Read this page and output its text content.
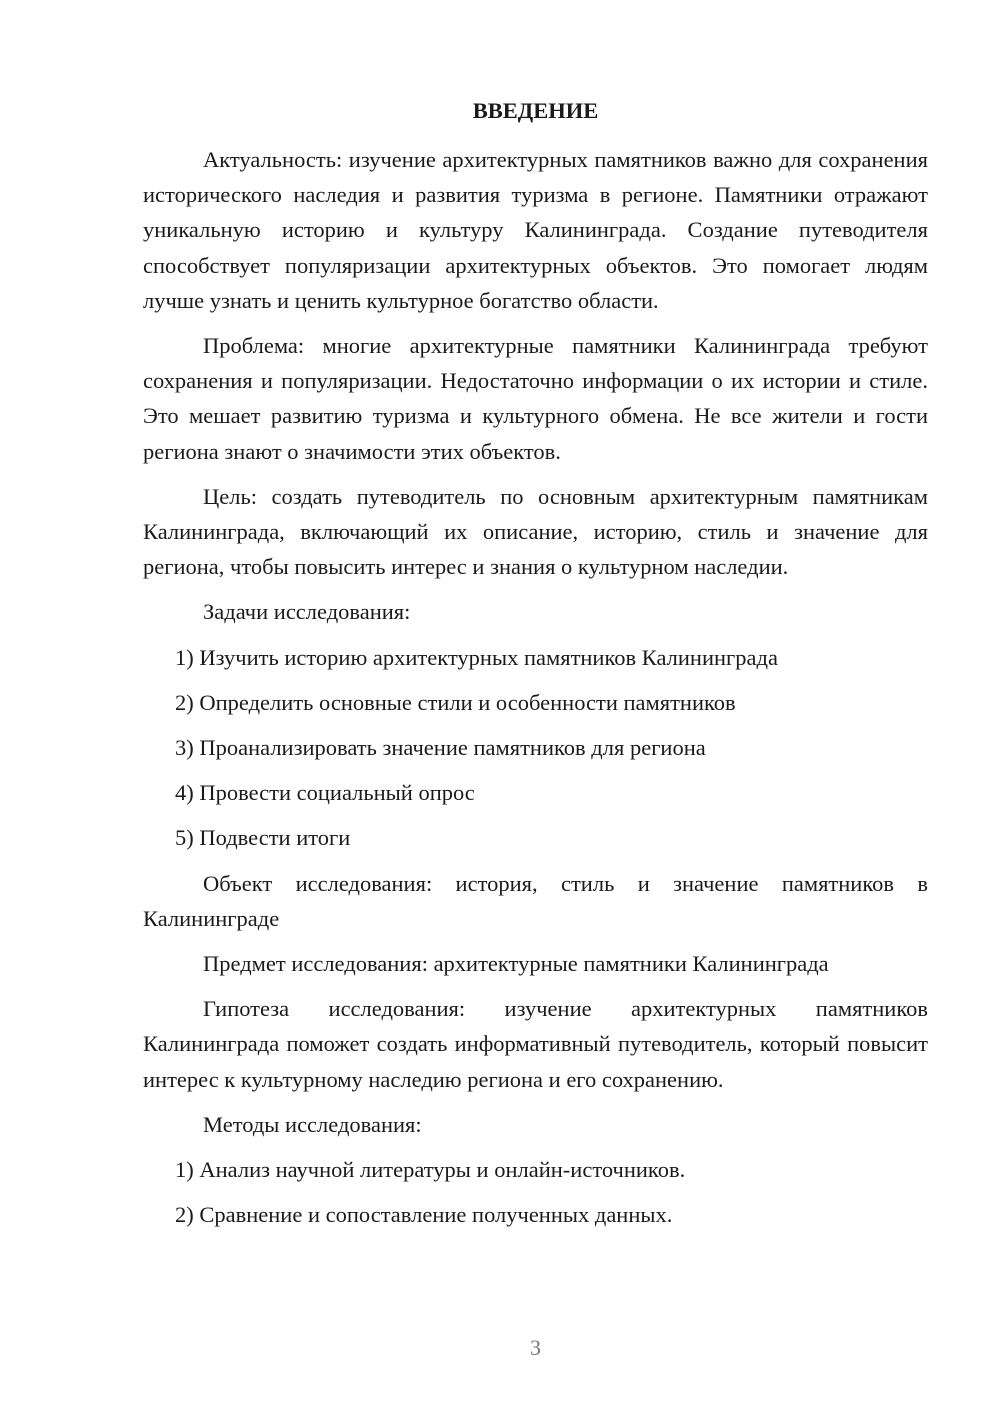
ВВЕДЕНИЕ

Актуальность: изучение архитектурных памятников важно для сохранения исторического наследия и развития туризма в регионе. Памятники отражают уникальную историю и культуру Калининграда. Создание путеводителя способствует популяризации архитектурных объектов. Это помогает людям лучше узнать и ценить культурное богатство области.

Проблема: многие архитектурные памятники Калининграда требуют сохранения и популяризации. Недостаточно информации о их истории и стиле. Это мешает развитию туризма и культурного обмена. Не все жители и гости региона знают о значимости этих объектов.

Цель: создать путеводитель по основным архитектурным памятникам Калининграда, включающий их описание, историю, стиль и значение для региона, чтобы повысить интерес и знания о культурном наследии.

Задачи исследования:

1) Изучить историю архитектурных памятников Калининграда

2) Определить основные стили и особенности памятников

3) Проанализировать значение памятников для региона

4) Провести социальный опрос

5) Подвести итоги

Объект исследования: история, стиль и значение памятников в Калининграде

Предмет исследования: архитектурные памятники Калининграда

Гипотеза исследования: изучение архитектурных памятников Калининграда поможет создать информативный путеводитель, который повысит интерес к культурному наследию региона и его сохранению.

Методы исследования:

1) Анализ научной литературы и онлайн-источников.

2) Сравнение и сопоставление полученных данных.

3
